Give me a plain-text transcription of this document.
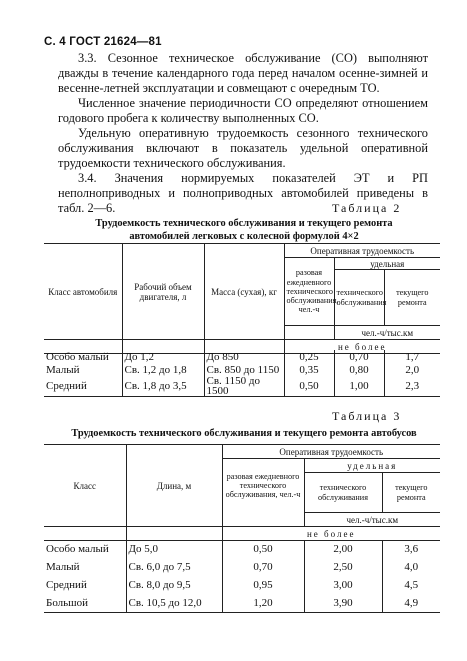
С. 4 ГОСТ 21624—81
3.3. Сезонное техническое обслуживание (СО) выполняют дважды в течение календарного года перед началом осенне-зимней и весенне-летней эксплуатации и совмещают с очередным ТО.
Численное значение периодичности СО определяют отношением годового пробега к количеству выполненных СО.
Удельную оперативную трудоемкость сезонного технического обслуживания включают в показатель удельной оперативной трудоемкости технического обслуживания.
3.4. Значения нормируемых показателей ЭТ и РП неполноприводных и полноприводных автомобилей приведены в табл. 2—6.	Таблица 2
Трудоемкость технического обслуживания и текущего ремонта
автомобилей легковых с колесной формулой 4×2
Класс автомобиля	Рабочий объем двигателя, л	Масса (сухая), кг	Оперативная трудоемкость		
			разовая ежедневного технического обслуживания, чел.-ч	удельная	
				технического обслуживания	текущего ремонта
				чел.-ч/тыс.км	
			не более		
Особо малый	До 1,2	До 850	0,25	0,70	1,7
Малый	Св. 1,2 до 1,8	Св. 850 до 1150	0,35	0,80	2,0
Средний	Св. 1,8 до 3,5	Св. 1150 до 1500	0,50	1,00	2,3
Таблица 3
Трудоемкость технического обслуживания и текущего ремонта автобусов
Класс	Длина, м	Оперативная трудоемкость		
		разовая ежедневного технического обслуживания, чел.-ч	удельная	
			технического обслуживания	текущего ремонта
			чел.-ч/тыс.км	
		не более		
Особо малый	До 5,0	0,50	2,00	3,6
Малый	Св. 6,0 до 7,5	0,70	2,50	4,0
Средний	Св. 8,0 до 9,5	0,95	3,00	4,5
Большой	Св. 10,5 до 12,0	1,20	3,90	4,9
